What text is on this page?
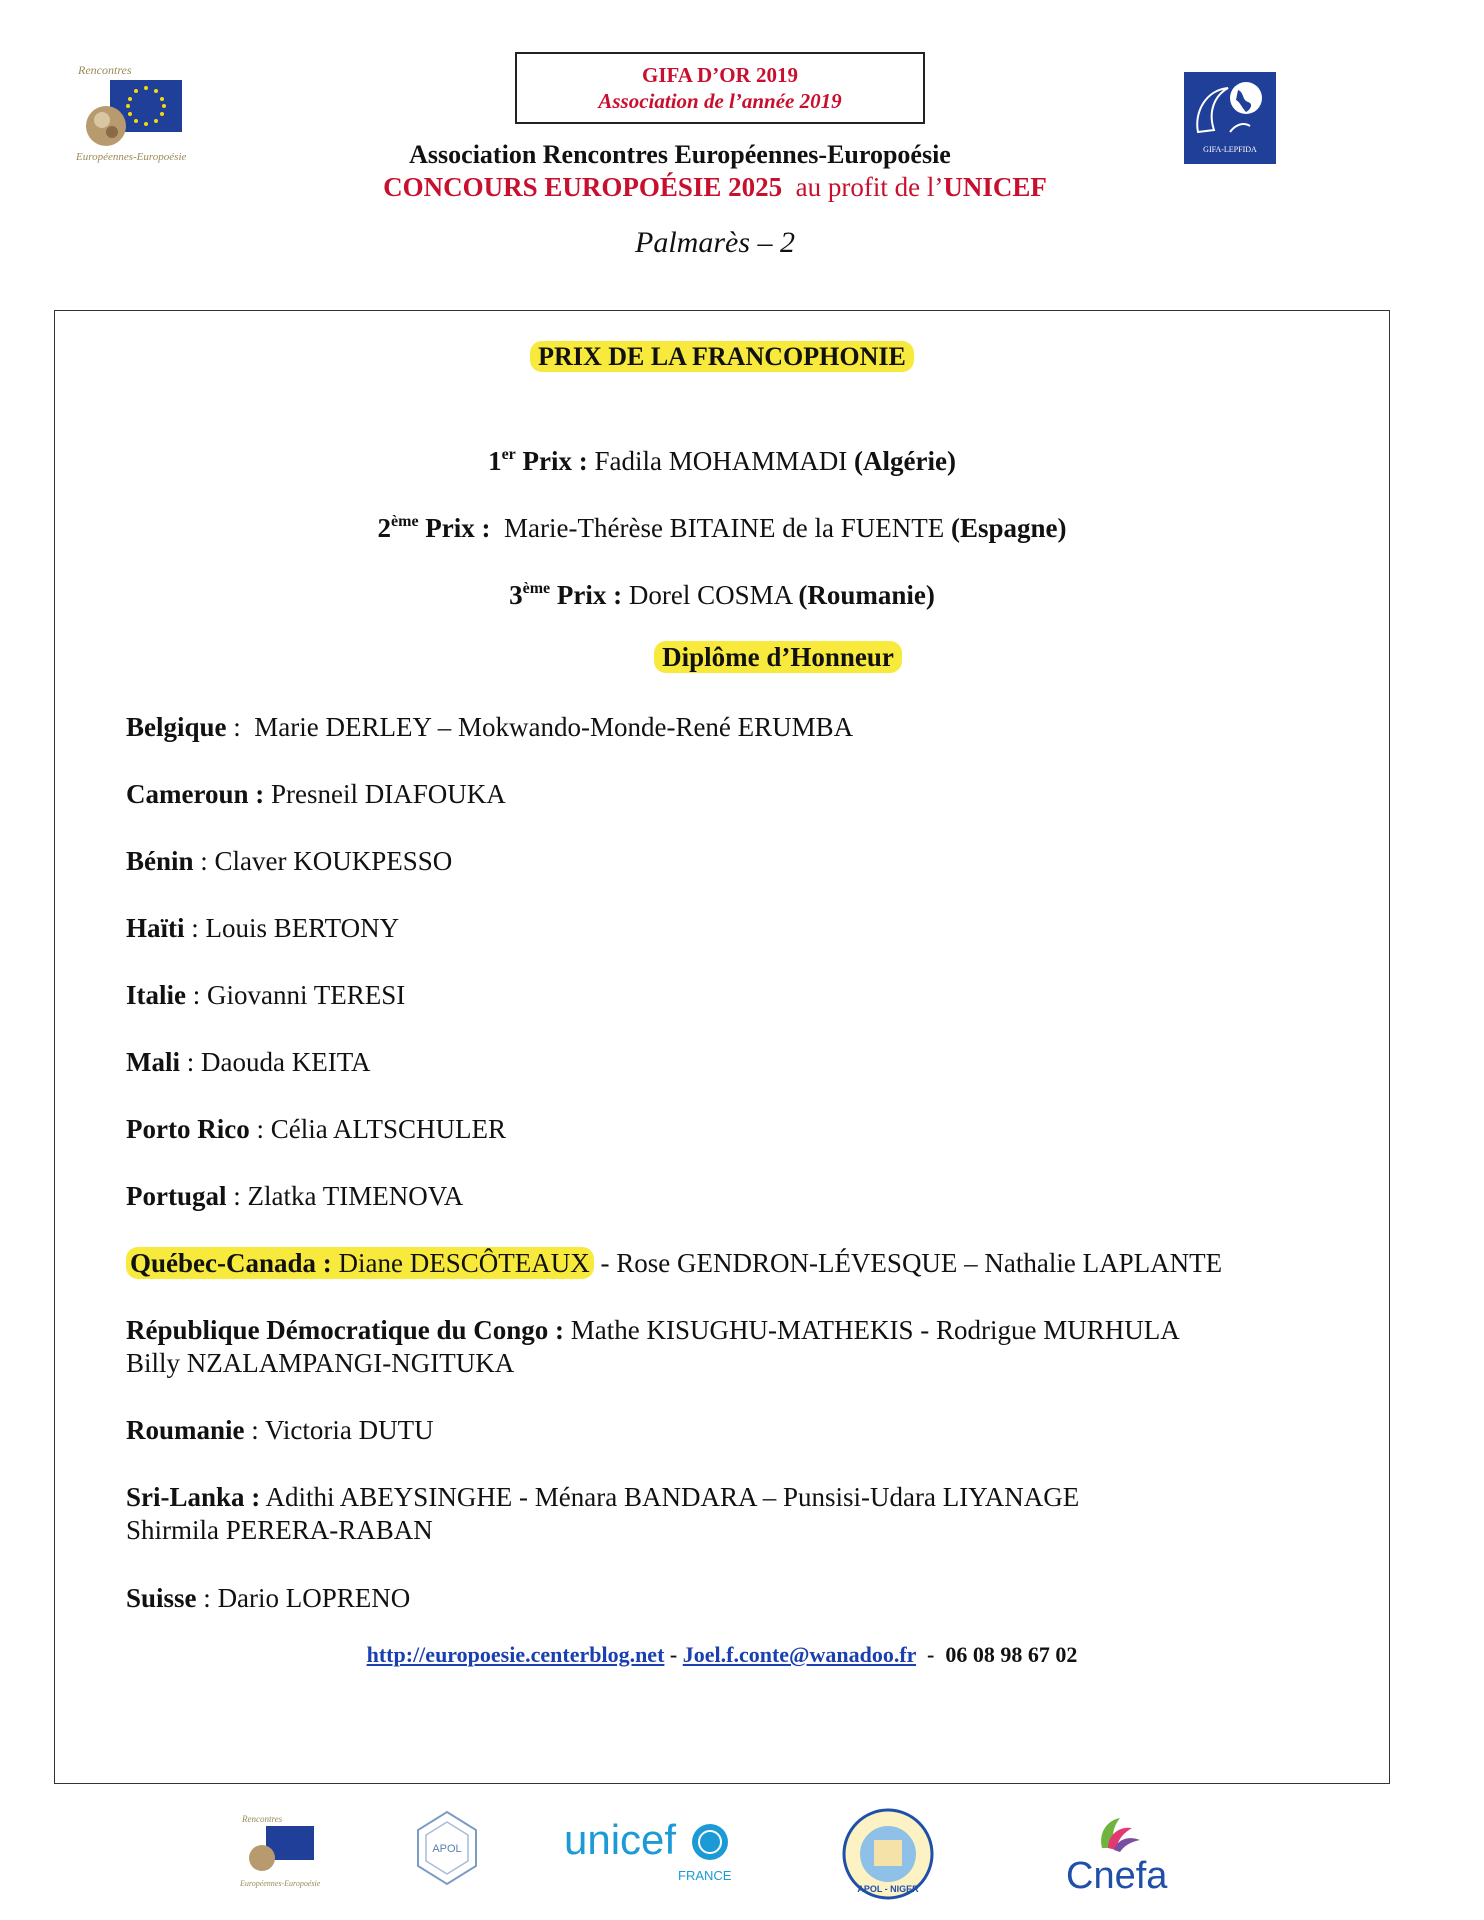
Rencontres
Européennes-Europoésie
GIFA D’OR 2019
Association de l’année 2019
GIFA-LEPFIDA
Association Rencontres Européennes-Europoésie
CONCOURS EUROPOÉSIE 2025 au profit de l’UNICEF
Palmarès – 2
PRIX DE LA FRANCOPHONIE
1er Prix : Fadila MOHAMMADI (Algérie)
2ème Prix : Marie-Thérèse BITAINE de la FUENTE (Espagne)
3ème Prix : Dorel COSMA (Roumanie)
Diplôme d’Honneur
Belgique :  Marie DERLEY – Mokwando-Monde-René ERUMBA
Cameroun : Presneil DIAFOUKA
Bénin : Claver KOUKPESSO
Haïti : Louis BERTONY
Italie : Giovanni TERESI
Mali : Daouda KEITA
Porto Rico : Célia ALTSCHULER
Portugal : Zlatka TIMENOVA
Québec-Canada : Diane DESCÔTEAUX - Rose GENDRON-LÉVESQUE – Nathalie LAPLANTE
République Démocratique du Congo : Mathe KISUGHU-MATHEKIS - Rodrigue MURHULA
Billy NZALAMPANGI-NGITUKA
Roumanie : Victoria DUTU
Sri-Lanka : Adithi ABEYSINGHE - Ménara BANDARA – Punsisi-Udara LIYANAGE
Shirmila PERERA-RABAN
Suisse : Dario LOPRENO
http://europoesie.centerblog.net - Joel.f.conte@wanadoo.fr  -  06 08 98 67 02
Rencontres
Européennes-Europoésie
APOL unicef
FRANCE
APOL - NIGER	Cnefa
